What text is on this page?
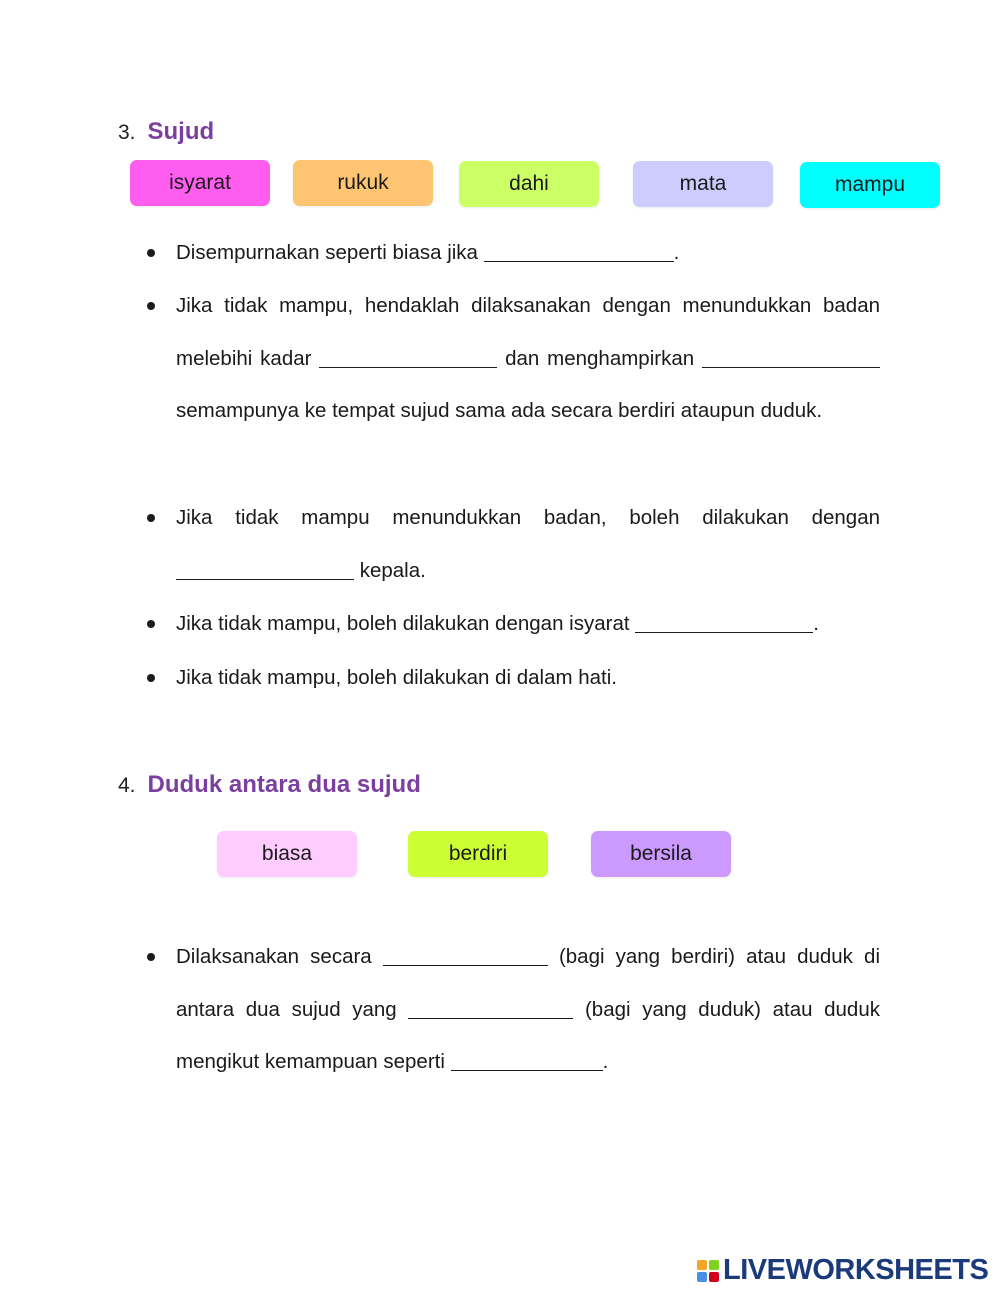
3. Sujud
isyarat	rukuk	dahi	mata	mampu
Disempurnakan seperti biasa jika	.
Jika tidak mampu, hendaklah dilaksanakan dengan menundukkan badan melebihi kadar	dan menghampirkan  semampunya ke tempat sujud sama ada secara berdiri ataupun duduk.
Jika tidak mampu menundukkan badan, boleh dilakukan dengan  kepala.
Jika tidak mampu, boleh dilakukan dengan isyarat	.
Jika tidak mampu, boleh dilakukan di dalam hati.
4. Duduk antara dua sujud
biasa	berdiri	bersila
Dilaksanakan secara	(bagi yang berdiri) atau duduk di antara dua sujud yang	(bagi yang duduk) atau duduk mengikut kemampuan seperti	.
LIVEWORKSHEETS
